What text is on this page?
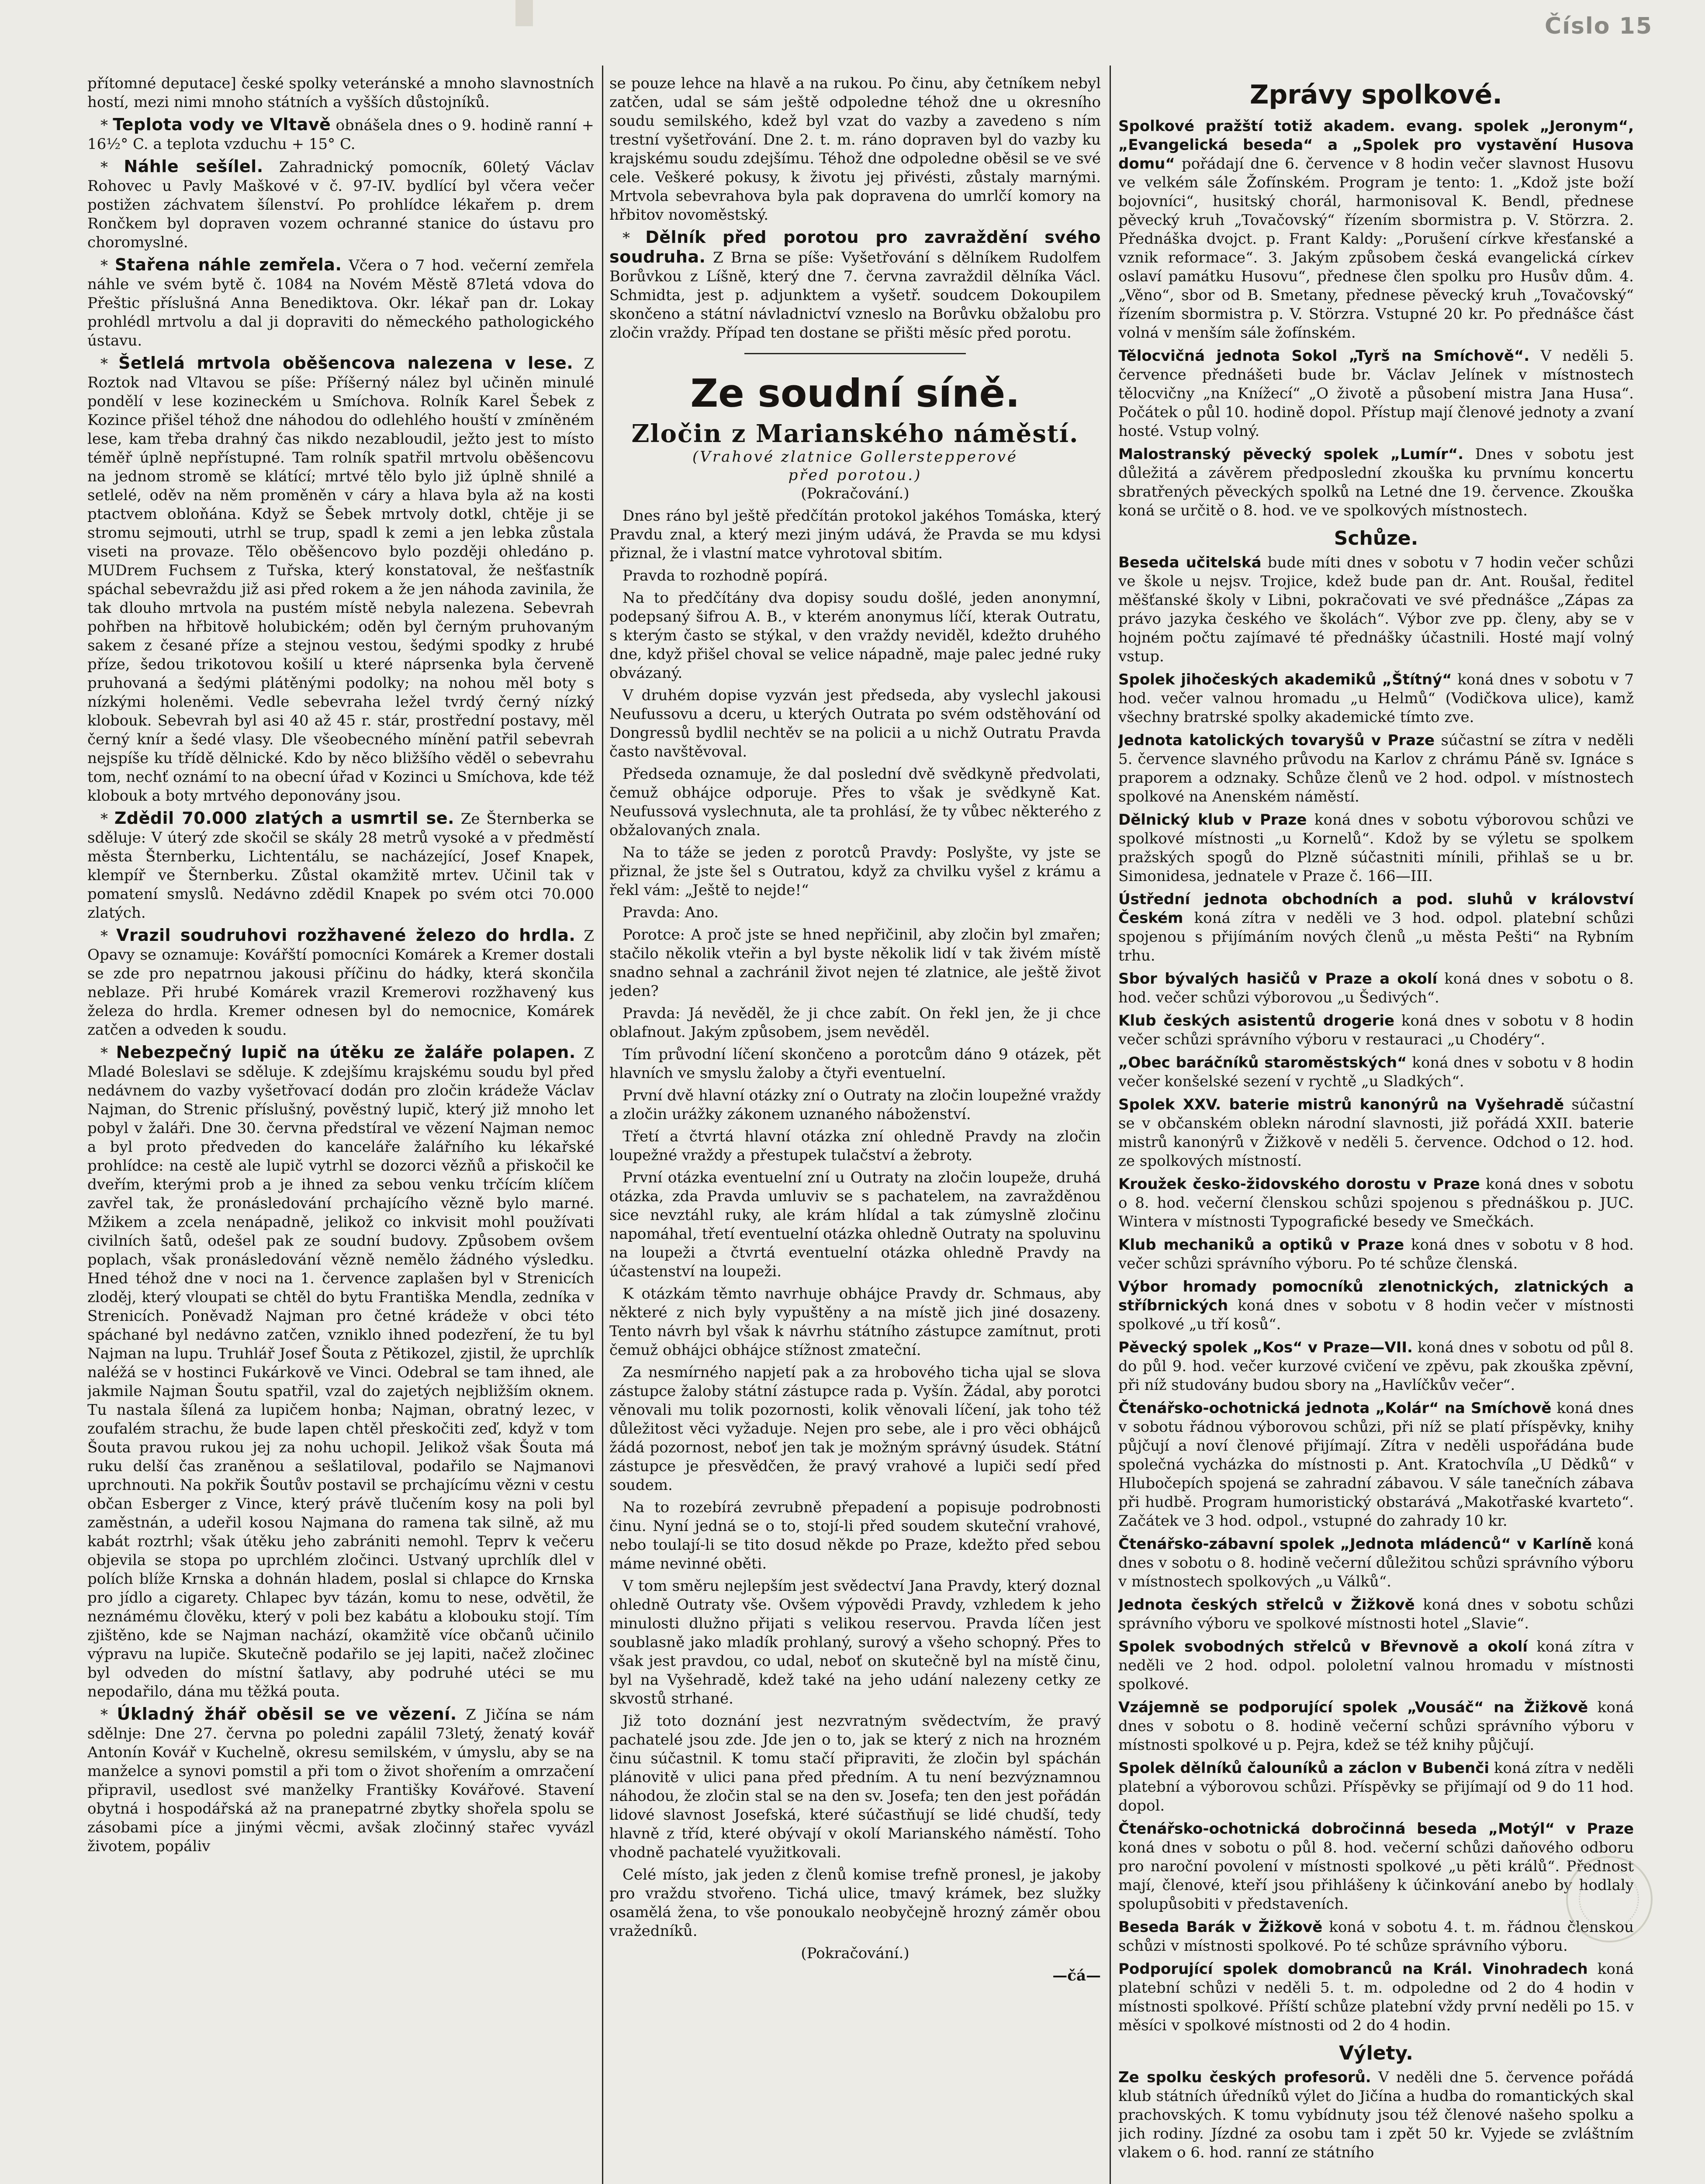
Číslo 15

přítomné deputace] české spolky veteránské a mnoho slavnostních hostí, mezi nimi mnoho státních a vyšších důstojníků.

* Teplota vody ve Vltavě obnášela dnes o 9. hodině ranní + 16½° C. a teplota vzduchu + 15° C.

* Náhle sešílel. Zahradnický pomocník, 60letý Václav Rohovec u Pavly Maškové v č. 97-IV. bydlící byl včera večer postižen záchvatem šílenství. Po prohlídce lékařem p. drem Rončkem byl dopraven vozem ochranné stanice do ústavu pro choromyslné.

* Stařena náhle zemřela. Včera o 7 hod. večerní zemřela náhle ve svém bytě č. 1084 na Novém Městě 87letá vdova do Přeštic příslušná Anna Benediktova. Okr. lékař pan dr. Lokay prohlédl mrtvolu a dal ji dopraviti do německého pathologického ústavu.

* Šetlelá mrtvola oběšencova nalezena v lese. Z Roztok nad Vltavou se píše: Příšerný nález byl učiněn minulé pondělí v lese kozineckém u Smíchova. Rolník Karel Šebek z Kozince přišel téhož dne náhodou do odlehlého houští v zmíněném lese, kam třeba drahný čas nikdo nezabloudil, ježto jest to místo téměř úplně nepřístupné. Tam rolník spatřil mrtvolu oběšencovu na jednom stromě se klátící; mrtvé tělo bylo již úplně shnilé a setlelé, oděv na něm proměněn v cáry a hlava byla až na kosti ptactvem obloňána. Když se Šebek mrtvoly dotkl, chtěje ji se stromu sejmouti, utrhl se trup, spadl k zemi a jen lebka zůstala viseti na provaze. Tělo oběšencovo bylo později ohledáno p. MUDrem Fuchsem z Tuřska, který konstatoval, že nešťastník spáchal sebevraždu již asi před rokem a že jen náhoda zavinila, že tak dlouho mrtvola na pustém místě nebyla nalezena. Sebevrah pohřben na hřbitově holubickém; oděn byl černým pruhovaným sakem z česané příze a stejnou vestou, šedými spodky z hrubé příze, šedou trikotovou košilí u které náprsenka byla červeně pruhovaná a šedými plátěnými podolky; na nohou měl boty s nízkými holeněmi. Vedle sebevraha ležel tvrdý černý nízký klobouk. Sebevrah byl asi 40 až 45 r. stár, prostřední postavy, měl černý knír a šedé vlasy. Dle všeobecného mínění patřil sebevrah nejspíše ku třídě dělnické. Kdo by něco bližšího věděl o sebevrahu tom, nechť oznámí to na obecní úřad v Kozinci u Smíchova, kde též klobouk a boty mrtvého deponovány jsou.

* Zdědil 70.000 zlatých a usmrtil se. Ze Šternberka se sděluje: V úterý zde skočil se skály 28 metrů vysoké a v předměstí města Šternberku, Lichtentálu, se nacházející, Josef Knapek, klempíř ve Šternberku. Zůstal okamžitě mrtev. Učinil tak v pomatení smyslů. Nedávno zdědil Knapek po svém otci 70.000 zlatých.

* Vrazil soudruhovi rozžhavené železo do hrdla. Z Opavy se oznamuje: Kovářští pomocníci Komárek a Kremer dostali se zde pro nepatrnou jakousi příčinu do hádky, která skončila neblaze. Při hrubé Komárek vrazil Kremerovi rozžhavený kus železa do hrdla. Kremer odnesen byl do nemocnice, Komárek zatčen a odveden k soudu.

* Nebezpečný lupič na útěku ze žaláře polapen. Z Mladé Boleslavi se sděluje. K zdejšímu krajskému soudu byl před nedávnem do vazby vyšetřovací dodán pro zločin krádeže Václav Najman, do Strenic příslušný, pověstný lupič, který již mnoho let pobyl v žaláři. Dne 30. června předstíral ve vězení Najman nemoc a byl proto předveden do kanceláře žalářního ku lékařské prohlídce: na cestě ale lupič vytrhl se dozorci vězňů a přiskočil ke dveřím, kterými prob a je ihned za sebou venku trčícím klíčem zavřel tak, že pronásledování prchajícího vězně bylo marné. Mžikem a zcela nenápadně, jelikož co inkvisit mohl používati civilních šatů, odešel pak ze soudní budovy. Způsobem ovšem poplach, však pronásledování vězně nemělo žádného výsledku. Hned téhož dne v noci na 1. července zaplašen byl v Strenicích zloděj, který vloupati se chtěl do bytu Františka Mendla, zedníka v Strenicích. Poněvadž Najman pro četné krádeže v obci této spáchané byl nedávno zatčen, vzniklo ihned podezření, že tu byl Najman na lupu. Truhlář Josef Šouta z Pětikozel, zjistil, že uprchlík naléžá se v hostinci Fukárkově ve Vinci. Odebral se tam ihned, ale jakmile Najman Šoutu spatřil, vzal do zajetých nejbližším oknem. Tu nastala šílená za lupičem honba; Najman, obratný lezec, v zoufalém strachu, že bude lapen chtěl přeskočiti zeď, když v tom Šouta pravou rukou jej za nohu uchopil. Jelikož však Šouta má ruku delší čas zraněnou a sešlatiloval, podařilo se Najmanovi uprchnouti. Na pokřik Šoutův postavil se prchajícímu vězni v cestu občan Esberger z Vince, který právě tlučením kosy na poli byl zaměstnán, a udeřil kosou Najmana do ramena tak silně, až mu kabát roztrhl; však útěku jeho zabrániti nemohl. Teprv k večeru objevila se stopa po uprchlém zločinci. Ustvaný uprchlík dlel v polích blíže Krnska a dohnán hladem, poslal si chlapce do Krnska pro jídlo a cigarety. Chlapec byv tázán, komu to nese, odvětil, že neznámému člověku, který v poli bez kabátu a klobouku stojí. Tím zjištěno, kde se Najman nachází, okamžitě více občanů učinilo výpravu na lupiče. Skutečně podařilo se jej lapiti, načež zločinec byl odveden do místní šatlavy, aby podruhé utéci se mu nepodařilo, dána mu těžká pouta.

* Úkladný žhář oběsil se ve vězení. Z Jičína se nám sdělnje: Dne 27. června po poledni zapálil 73letý, ženatý kovář Antonín Kovář v Kuchelně, okresu semilském, v úmyslu, aby se na manželce a synovi pomstil a při tom o život shořením a omrzačení připravil, usedlost své manželky Františky Kovářové. Stavení obytná i hospodářská až na pranepatrné zbytky shořela spolu se zásobami píce a jinými věcmi, avšak zločinný stařec vyvázl životem, popáliv

se pouze lehce na hlavě a na rukou. Po činu, aby četníkem nebyl zatčen, udal se sám ještě odpoledne téhož dne u okresního soudu semilského, kdež byl vzat do vazby a zavedeno s ním trestní vyšetřování. Dne 2. t. m. ráno dopraven byl do vazby ku krajskému soudu zdejšímu. Téhož dne odpoledne oběsil se ve své cele. Veškeré pokusy, k životu jej přivésti, zůstaly marnými. Mrtvola sebevrahova byla pak dopravena do umrlčí komory na hřbitov novoměstský.

* Dělník před porotou pro zavraždění svého soudruha. Z Brna se píše: Vyšetřování s dělníkem Rudolfem Borůvkou z Líšně, který dne 7. června zavraždil dělníka Václ. Schmidta, jest p. adjunktem a vyšetř. soudcem Dokoupilem skončeno a státní návladnictví vzneslo na Borůvku obžalobu pro zločin vraždy. Případ ten dostane se přišti měsíc před porotu.

Ze soudní síně.
Zločin z Marianského náměstí.
(Vrahové zlatnice Gollerstepperové
před porotou.)

(Pokračování.)

Dnes ráno byl ještě předčítán protokol jakéhos Tomáska, který Pravdu znal, a který mezi jiným udává, že Pravda se mu kdysi přiznal, že i vlastní matce vyhrotoval sbitím.

Pravda to rozhodně popírá.

Na to předčítány dva dopisy soudu došlé, jeden anonymní, podepsaný šifrou A. B., v kterém anonymus líčí, kterak Outratu, s kterým často se stýkal, v den vraždy neviděl, kdežto druhého dne, když přišel choval se velice nápadně, maje palec jedné ruky obvázaný.

V druhém dopise vyzván jest předseda, aby vyslechl jakousi Neufussovu a dceru, u kterých Outrata po svém odstěhování od Dongressů bydlil nechtěv se na policii a u nichž Outratu Pravda často navštěvoval.

Předseda oznamuje, že dal poslední dvě svědkyně předvolati, čemuž obhájce odporuje. Přes to však je svědkyně Kat. Neufussová vyslechnuta, ale ta prohlásí, že ty vůbec některého z obžalovaných znala.

Na to táže se jeden z porotců Pravdy: Poslyšte, vy jste se přiznal, že jste šel s Outratou, když za chvilku vyšel z krámu a řekl vám: „Ještě to nejde!“

Pravda: Ano.

Porotce: A proč jste se hned nepřičinil, aby zločin byl zmařen; stačilo několik vteřin a byl byste několik lidí v tak živém místě snadno sehnal a zachránil život nejen té zlatnice, ale ještě život jeden?

Pravda: Já nevěděl, že ji chce zabít. On řekl jen, že ji chce oblafnout. Jakým způsobem, jsem nevěděl.

Tím průvodní líčení skončeno a porotcům dáno 9 otázek, pět hlavních ve smyslu žaloby a čtyři eventuelní.

První dvě hlavní otázky zní o Outraty na zločin loupežné vraždy a zločin urážky zákonem uznaného náboženství.

Třetí a čtvrtá hlavní otázka zní ohledně Pravdy na zločin loupežné vraždy a přestupek tulačství a žebroty.

První otázka eventuelní zní u Outraty na zločin loupeže, druhá otázka, zda Pravda umluviv se s pachatelem, na zavražděnou sice nevztáhl ruky, ale krám hlídal a tak zúmyslně zločinu napomáhal, třetí eventuelní otázka ohledně Outraty na spoluvinu na loupeži a čtvrtá eventuelní otázka ohledně Pravdy na účastenství na loupeži.

K otázkám těmto navrhuje obhájce Pravdy dr. Schmaus, aby některé z nich byly vypuštěny a na místě jich jiné dosazeny. Tento návrh byl však k návrhu státního zástupce zamítnut, proti čemuž obhájci obhájce stížnost zmateční.

Za nesmírného napjetí pak a za hrobového ticha ujal se slova zástupce žaloby státní zástupce rada p. Vyšín. Žádal, aby porotci věnovali mu tolik pozornosti, kolik věnovali líčení, jak toho též důležitost věci vyžaduje. Nejen pro sebe, ale i pro věci obhájců žádá pozornost, neboť jen tak je možným správný úsudek. Státní zástupce je přesvědčen, že pravý vrahové a lupiči sedí před soudem.

Na to rozebírá zevrubně přepadení a popisuje podrobnosti činu. Nyní jedná se o to, stojí-li před soudem skuteční vrahové, nebo toulají-li se tito dosud někde po Praze, kdežto před sebou máme nevinné oběti.

V tom směru nejlepším jest svědectví Jana Pravdy, který doznal ohledně Outraty vše. Ovšem výpovědi Pravdy, vzhledem k jeho minulosti dlužno přijati s velikou reservou. Pravda líčen jest soublasně jako mladík prohlaný, surový a všeho schopný. Přes to však jest pravdou, co udal, neboť on skutečně byl na místě činu, byl na Vyšehradě, kdež také na jeho udání nalezeny cetky ze skvostů strhané.

Již toto doznání jest nezvratným svědectvím, že pravý pachatelé jsou zde. Jde jen o to, jak se který z nich na hrozném činu súčastnil. K tomu stačí připraviti, že zločin byl spáchán plánovitě v ulici pana před předním. A tu není bezvýznamnou náhodou, že zločin stal se na den sv. Josefa; ten den jest pořádán lidové slavnost Josefská, které súčastňují se lidé chudší, tedy hlavně z tříd, které obývají v okolí Marianského náměstí. Toho vhodně pachatelé využitkovali.

Celé místo, jak jeden z členů komise trefně pronesl, je jakoby pro vraždu stvořeno. Tichá ulice, tmavý krámek, bez služky osamělá žena, to vše ponoukalo neobyčejně hrozný záměr obou vražedníků.

(Pokračování.)

—čá—

Zprávy spolkové.

Spolkové pražští totiž akadem. evang. spolek „Jeronym“, „Evangelická beseda“ a „Spolek pro vystavění Husova domu“ pořádají dne 6. července v 8 hodin večer slavnost Husovu ve velkém sále Žofínském. Program je tento: 1. „Kdož jste boží bojovníci“, husitský chorál, harmonisoval K. Bendl, přednese pěvecký kruh „Tovačovský“ řízením sbormistra p. V. Störzra. 2. Přednáška dvojct. p. Frant Kaldy: „Porušení církve křesťanské a vznik reformace“. 3. Jakým způsobem česká evangelická církev oslaví památku Husovu“, přednese člen spolku pro Husův dům. 4. „Věno“, sbor od B. Smetany, přednese pěvecký kruh „Tovačovský“ řízením sbormistra p. V. Störzra. Vstupné 20 kr. Po přednášce část volná v menším sále žofínském.

Tělocvičná jednota Sokol „Tyrš na Smíchově“. V neděli 5. července přednášeti bude br. Václav Jelínek v místnostech tělocvičny „na Knížecí“ „O životě a působení mistra Jana Husa“. Počátek o půl 10. hodině dopol. Přístup mají členové jednoty a zvaní hosté. Vstup volný.

Malostranský pěvecký spolek „Lumír“. Dnes v sobotu jest důležitá a závěrem předposlední zkouška ku prvnímu koncertu sbratřených pěveckých spolků na Letné dne 19. července. Zkouška koná se určitě o 8. hod. ve ve spolkových místnostech.

Schůze.

Beseda učitelská bude míti dnes v sobotu v 7 hodin večer schůzi ve škole u nejsv. Trojice, kdež bude pan dr. Ant. Roušal, ředitel měšťanské školy v Libni, pokračovati ve své přednášce „Zápas za právo jazyka českého ve školách“. Výbor zve pp. členy, aby se v hojném počtu zajímavé té přednášky účastnili. Hosté mají volný vstup.

Spolek jihočeských akademiků „Štítný“ koná dnes v sobotu v 7 hod. večer valnou hromadu „u Helmů“ (Vodičkova ulice), kamž všechny bratrské spolky akademické tímto zve.

Jednota katolických tovaryšů v Praze súčastní se zítra v neděli 5. července slavného průvodu na Karlov z chrámu Páně sv. Ignáce s praporem a odznaky. Schůze členů ve 2 hod. odpol. v místnostech spolkové na Anenském náměstí.

Dělnický klub v Praze koná dnes v sobotu výborovou schůzi ve spolkové místnosti „u Kornelů“. Kdož by se výletu se spolkem pražských spogů do Plzně súčastniti mínili, přihlaš se u br. Simonidesa, jednatele v Praze č. 166—III.

Ústřední jednota obchodních a pod. sluhů v království Českém koná zítra v neděli ve 3 hod. odpol. platební schůzi spojenou s přijímáním nových členů „u města Pešti“ na Rybním trhu.

Sbor bývalých hasičů v Praze a okolí koná dnes v sobotu o 8. hod. večer schůzi výborovou „u Šedivých“.

Klub českých asistentů drogerie koná dnes v sobotu v 8 hodin večer schůzi správního výboru v restauraci „u Chodéry“.

„Obec baráčníků staroměstských“ koná dnes v sobotu v 8 hodin večer konšelské sezení v rychtě „u Sladkých“.

Spolek XXV. baterie mistrů kanonýrů na Vyšehradě súčastní se v občanském oblekn národní slavnosti, již pořádá XXII. baterie mistrů kanonýrů v Žižkově v neděli 5. července. Odchod o 12. hod. ze spolkových místností.

Kroužek česko-židovského dorostu v Praze koná dnes v sobotu o 8. hod. večerní členskou schůzi spojenou s přednáškou p. JUC. Wintera v místnosti Typografické besedy ve Smečkách.

Klub mechaniků a optiků v Praze koná dnes v sobotu v 8 hod. večer schůzi správního výboru. Po té schůze členská.

Výbor hromady pomocníků zlenotnických, zlatnických a stříbrnických koná dnes v sobotu v 8 hodin večer v místnosti spolkové „u tří kosů“.

Pěvecký spolek „Kos“ v Praze—VII. koná dnes v sobotu od půl 8. do půl 9. hod. večer kurzové cvičení ve zpěvu, pak zkouška zpěvní, při níž studovány budou sbory na „Havlíčkův večer“.

Čtenářsko-ochotnická jednota „Kolár“ na Smíchově koná dnes v sobotu řádnou výborovou schůzi, při níž se platí příspěvky, knihy půjčují a noví členové přijímají. Zítra v neděli uspořádána bude společná vycházka do místnosti p. Ant. Kratochvíla „U Dědků“ v Hlubočepích spojená se zahradní zábavou. V sále tanečních zábava při hudbě. Program humoristický obstarává „Makotřaské kvarteto“. Začátek ve 3 hod. odpol., vstupné do zahrady 10 kr.

Čtenářsko-zábavní spolek „Jednota mládenců“ v Karlíně koná dnes v sobotu o 8. hodině večerní důležitou schůzi správního výboru v místnostech spolkových „u Válků“.

Jednota českých střelců v Žižkově koná dnes v sobotu schůzi správního výboru ve spolkové místnosti hotel „Slavie“.

Spolek svobodných střelců v Břevnově a okolí koná zítra v neděli ve 2 hod. odpol. pololetní valnou hromadu v místnosti spolkové.

Vzájemně se podporující spolek „Vousáč“ na Žižkově koná dnes v sobotu o 8. hodině večerní schůzi správního výboru v místnosti spolkové u p. Pejra, kdež se též knihy půjčují.

Spolek dělníků čalouníků a záclon v Bubenči koná zítra v neděli platební a výborovou schůzi. Příspěvky se přijímají od 9 do 11 hod. dopol.

Čtenářsko-ochotnická dobročinná beseda „Motýl“ v Praze koná dnes v sobotu o půl 8. hod. večerní schůzi daňového odboru pro naroční povolení v místnosti spolkové „u pěti králů“. Přednost mají, členové, kteří jsou přihlášeny k účinkování anebo by hodlaly spolupůsobiti v představeních.

Beseda Barák v Žižkově koná v sobotu 4. t. m. řádnou členskou schůzi v místnosti spolkové. Po té schůze správního výboru.

Podporující spolek domobranců na Král. Vinohradech koná platební schůzi v neděli 5. t. m. odpoledne od 2 do 4 hodin v místnosti spolkové. Příští schůze platební vždy první neděli po 15. v měsíci v spolkové místnosti od 2 do 4 hodin.

Výlety.

Ze spolku českých profesorů. V neděli dne 5. července pořádá klub státních úředníků výlet do Jičína a hudba do romantických skal prachovských. K tomu vybídnuty jsou též členové našeho spolku a jich rodiny. Jízdné za osobu tam i zpět 50 kr. Vyjede se zvláštním vlakem o 6. hod. ranní ze státního
